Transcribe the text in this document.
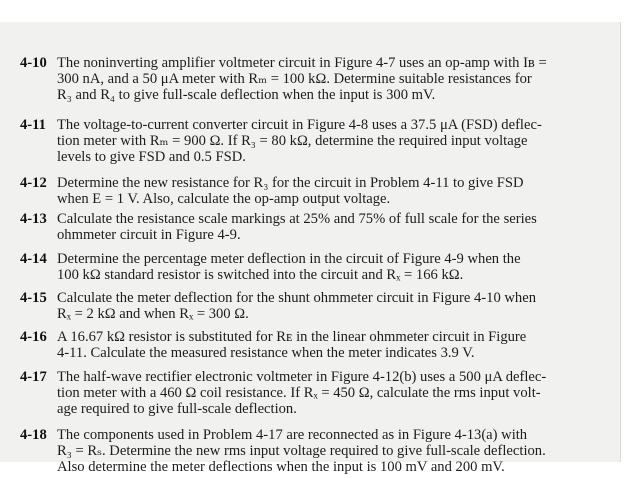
4-10 The noninverting amplifier voltmeter circuit in Figure 4-7 uses an op-amp with Iʙ =
300 nA, and a 50 μA meter with Rₘ = 100 kΩ. Determine suitable resistances for
R₃ and R₄ to give full-scale deflection when the input is 300 mV.
4-11 The voltage-to-current converter circuit in Figure 4-8 uses a 37.5 μA (FSD) deflec-
tion meter with Rₘ = 900 Ω. If R₃ = 80 kΩ, determine the required input voltage
levels to give FSD and 0.5 FSD.
4-12 Determine the new resistance for R₃ for the circuit in Problem 4-11 to give FSD
when E = 1 V. Also, calculate the op-amp output voltage.
4-13 Calculate the resistance scale markings at 25% and 75% of full scale for the series
ohmmeter circuit in Figure 4-9.
4-14 Determine the percentage meter deflection in the circuit of Figure 4-9 when the
100 kΩ standard resistor is switched into the circuit and Rₓ = 166 kΩ.
4-15 Calculate the meter deflection for the shunt ohmmeter circuit in Figure 4-10 when
Rₓ = 2 kΩ and when Rₓ = 300 Ω.
4-16 A 16.67 kΩ resistor is substituted for Rᴇ in the linear ohmmeter circuit in Figure
4-11. Calculate the measured resistance when the meter indicates 3.9 V.
4-17 The half-wave rectifier electronic voltmeter in Figure 4-12(b) uses a 500 μA deflec-
tion meter with a 460 Ω coil resistance. If Rₓ = 450 Ω, calculate the rms input volt-
age required to give full-scale deflection.
4-18 The components used in Problem 4-17 are reconnected as in Figure 4-13(a) with
R₃ = Rₛ. Determine the new rms input voltage required to give full-scale deflection.
Also determine the meter deflections when the input is 100 mV and 200 mV.
